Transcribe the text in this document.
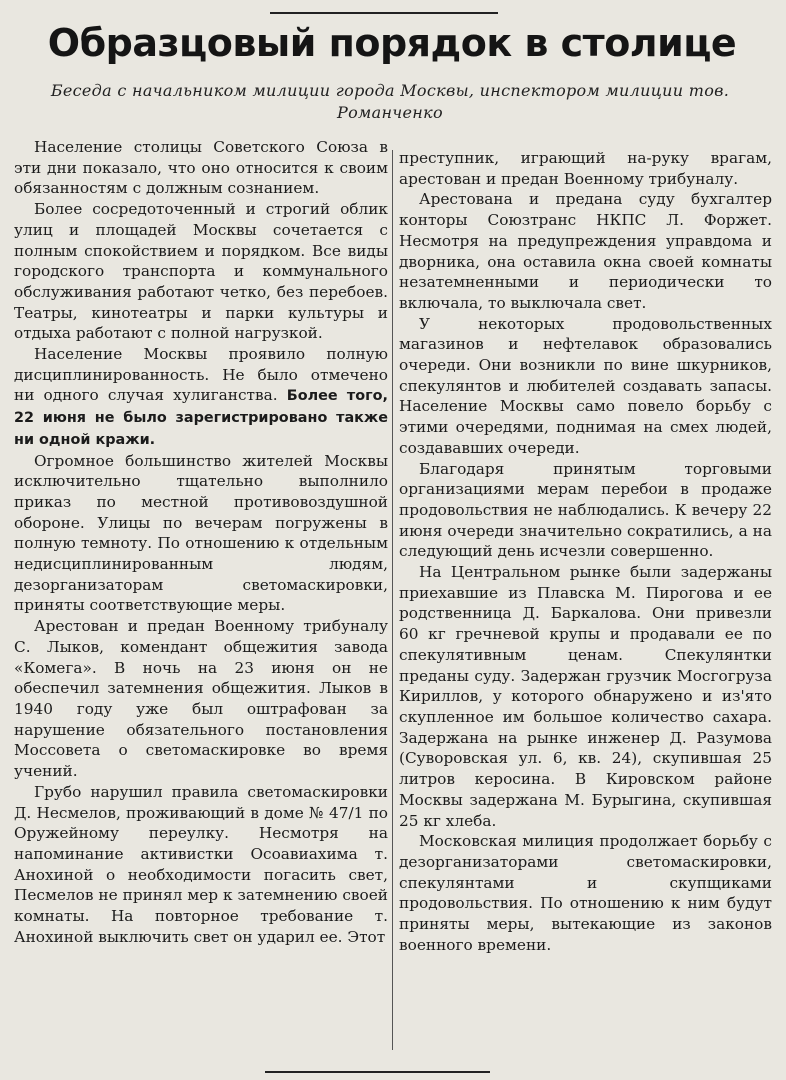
Образцовый порядок в столице

Беседа с начальником милиции города Москвы, инспектором милиции тов. Романченко

Население столицы Советского Союза в эти дни показало, что оно относится к своим обязанностям с должным сознанием.

Более сосредоточенный и строгий облик улиц и площадей Москвы сочетается с полным спокойствием и порядком. Все виды городского транспорта и коммунального обслуживания работают четко, без перебоев. Театры, кинотеатры и парки культуры и отдыха работают с полной нагрузкой.

Население Москвы проявило полную дисциплинированность. Не было отмечено ни одного случая хулиганства. Более того, 22 июня не было зарегистрировано также ни одной кражи.

Огромное большинство жителей Москвы исключительно тщательно выполнило приказ по местной противовоздушной обороне. Улицы по вечерам погружены в полную темноту. По отношению к отдельным недисциплинированным людям, дезорганизаторам светомаскировки, приняты соответствующие меры.

Арестован и предан Военному трибуналу С. Лыков, комендант общежития завода «Комега». В ночь на 23 июня он не обеспечил затемнения общежития. Лыков в 1940 году уже был оштрафован за нарушение обязательного постановления Моссовета о светомаскировке во время учений.

Грубо нарушил правила светомаскировки Д. Несмелов, проживающий в доме № 47/1 по Оружейному переулку. Несмотря на напоминание активистки Осоавиахима т. Анохиной о необходимости погасить свет, Песмелов не принял мер к затемнению своей комнаты. На повторное требование т. Анохиной выключить свет он ударил ее. Этот

преступник, играющий на-руку врагам, арестован и предан Военному трибуналу.

Арестована и предана суду бухгалтер конторы Союзтранс НКПС Л. Форжет. Несмотря на предупреждения управдома и дворника, она оставила окна своей комнаты незатемненными и периодически то включала, то выключала свет.

У некоторых продовольственных магазинов и нефтелавок образовались очереди. Они возникли по вине шкурников, спекулянтов и любителей создавать запасы. Население Москвы само повело борьбу с этими очередями, поднимая на смех людей, создававших очереди.

Благодаря принятым торговыми организациями мерам перебои в продаже продовольствия не наблюдались. К вечеру 22 июня очереди значительно сократились, а на следующий день исчезли совершенно.

На Центральном рынке были задержаны приехавшие из Плавска М. Пирогова и ее родственница Д. Баркалова. Они привезли 60 кг гречневой крупы и продавали ее по спекулятивным ценам. Спекулянтки преданы суду. Задержан грузчик Мосгогруза Кириллов, у которого обнаружено и из'ято скупленное им большое количество сахара. Задержана на рынке инженер Д. Разумова (Суворовская ул. 6, кв. 24), скупившая 25 литров керосина. В Кировском районе Москвы задержана М. Бурыгина, скупившая 25 кг хлеба.

Московская милиция продолжает борьбу с дезорганизаторами светомаскировки, спекулянтами и скупщиками продовольствия. По отношению к ним будут приняты меры, вытекающие из законов военного времени.
